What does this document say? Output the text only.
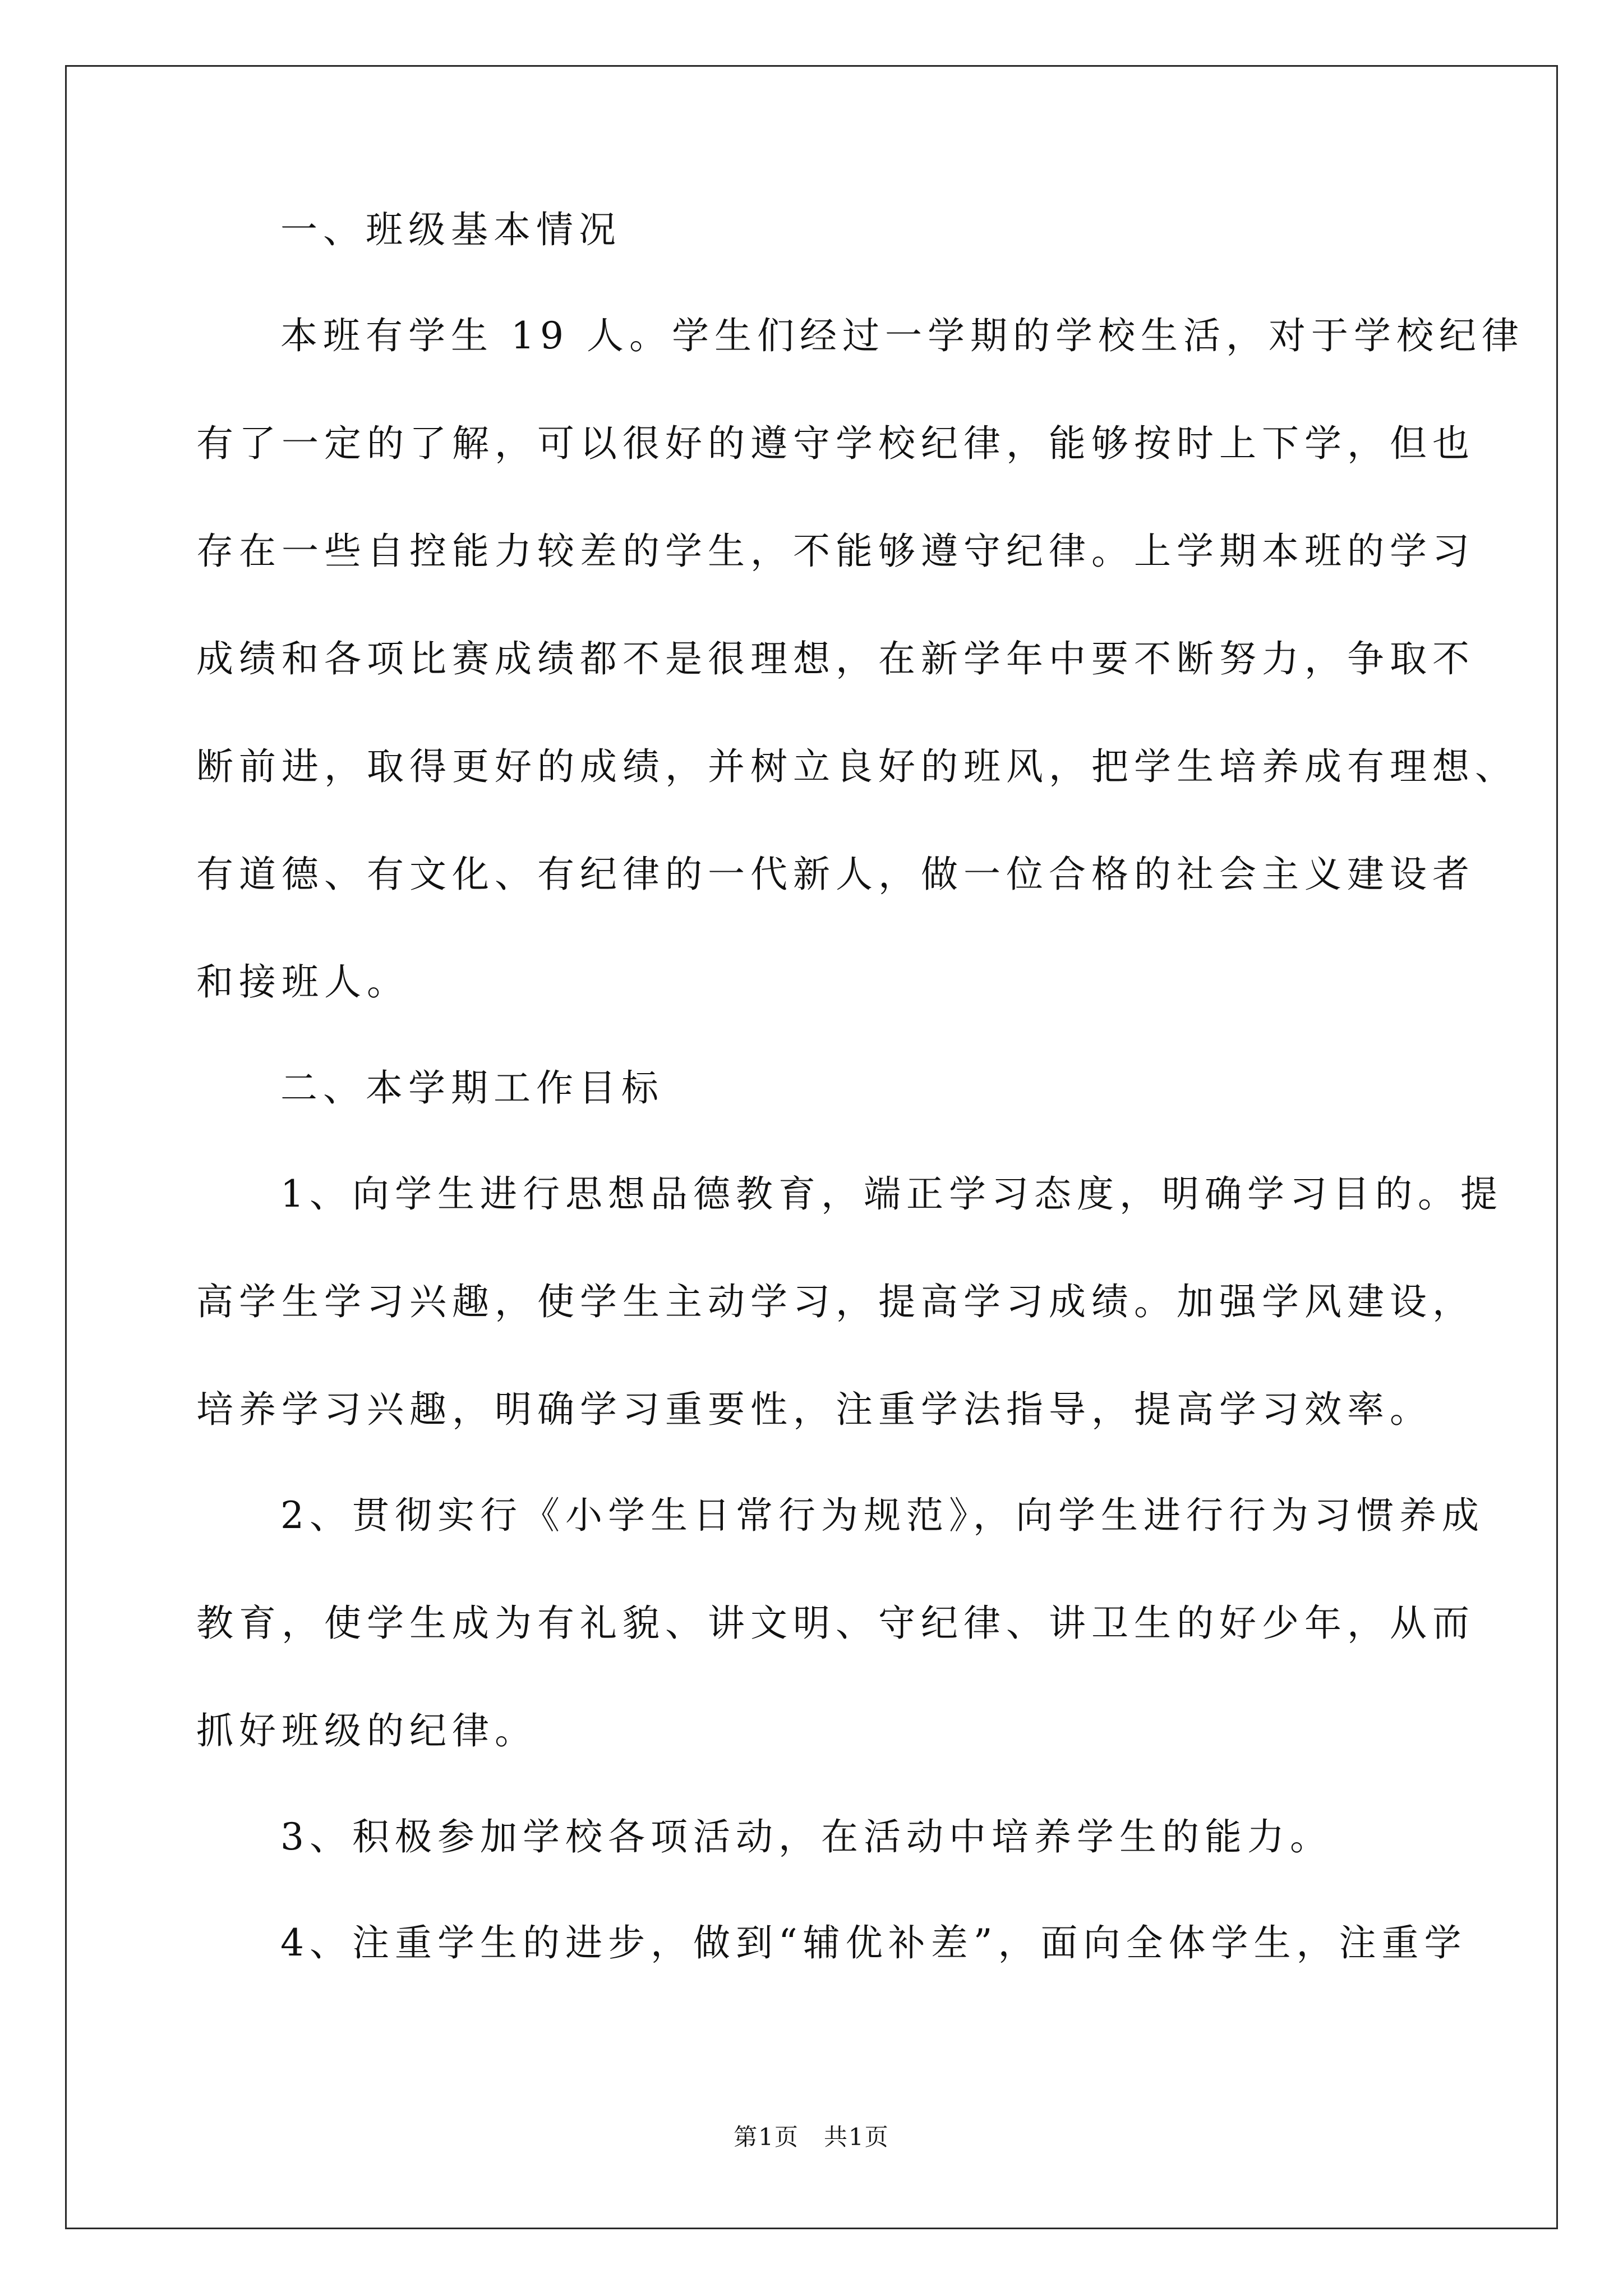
一、班级基本情况

本班有学生 19 人。学生们经过一学期的学校生活，对于学校纪律

有了一定的了解，可以很好的遵守学校纪律，能够按时上下学，但也

存在一些自控能力较差的学生，不能够遵守纪律。上学期本班的学习

成绩和各项比赛成绩都不是很理想，在新学年中要不断努力，争取不

断前进，取得更好的成绩，并树立良好的班风，把学生培养成有理想、

有道德、有文化、有纪律的一代新人，做一位合格的社会主义建设者

和接班人。

二、本学期工作目标

1、向学生进行思想品德教育，端正学习态度，明确学习目的。提

高学生学习兴趣，使学生主动学习，提高学习成绩。加强学风建设，

培养学习兴趣，明确学习重要性，注重学法指导，提高学习效率。

2、贯彻实行《小学生日常行为规范》，向学生进行行为习惯养成

教育，使学生成为有礼貌、讲文明、守纪律、讲卫生的好少年，从而

抓好班级的纪律。

3、积极参加学校各项活动，在活动中培养学生的能力。

4、注重学生的进步，做到“辅优补差”，面向全体学生，注重学

第1页　共1页
